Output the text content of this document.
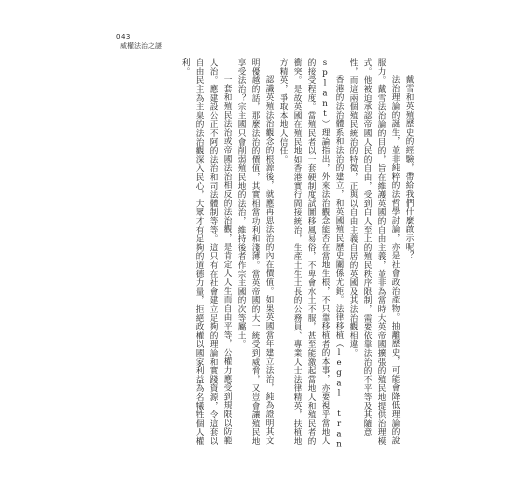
043
威權法治之謎

戴雪和英殖歷史的經驗，帶給我們什麼啟示呢？

法治理論的誕生，並非純粹的法哲學討論，亦是社會政治產物。抽離歷史，可能會降低理論的說服力。戴雪法治論的目的，旨在維護英國的自由主義，並非為當時大英帝國擴張的殖民地提供治理模式。他被迫承認帝國人民的自由，受到白人至上的殖民秩序限制，需要依靠法治的不平等及其隨意性，而這兩個殖民統治的特徵，正與以自由主義自居的英國及其法治觀相違。

香港的法治體系和法治的建立，和英國殖民歷史關係尤鉅。法律移植（legal transplant）理論指出，外來法治觀念能否在當地生根，不只靠移植者的本事，亦要視乎當地人的接受程度。當殖民者以一套硬制度試圖移風易俗，不卑會水土不服，甚至能激起當地人和殖民者的衝突。是故英國在殖民地如香港實行間接統治，生產土生土長的公務員、專業人士法律精英，扶植地方精英，爭取本地人信任。

認識英殖法治觀念的根源後，就應再思法治的內在價值。如果英國當年建立法治，純為證明其文明優越的話，那麼法治的價值，其實相當功利和淺薄。當英帝國的大一統受到威脅，又豈會讓殖民地享受法治？宗主國只會削弱殖民地的法治，維持後者作宗主國的次等屬土。

一套和殖民法治或帝國法治相反的法治觀，是肯定人人生而自由平等，公權力應受到規限以防範人治。應建設公正不阿的法治和司法體制等等。這只有在社會建立足夠的理論和實踐資源，令這套以自由民主為主臬的法治觀深入民心，大眾才有足夠的道德力量，拒絕政權以國家利益為名犧牲個人權利。
